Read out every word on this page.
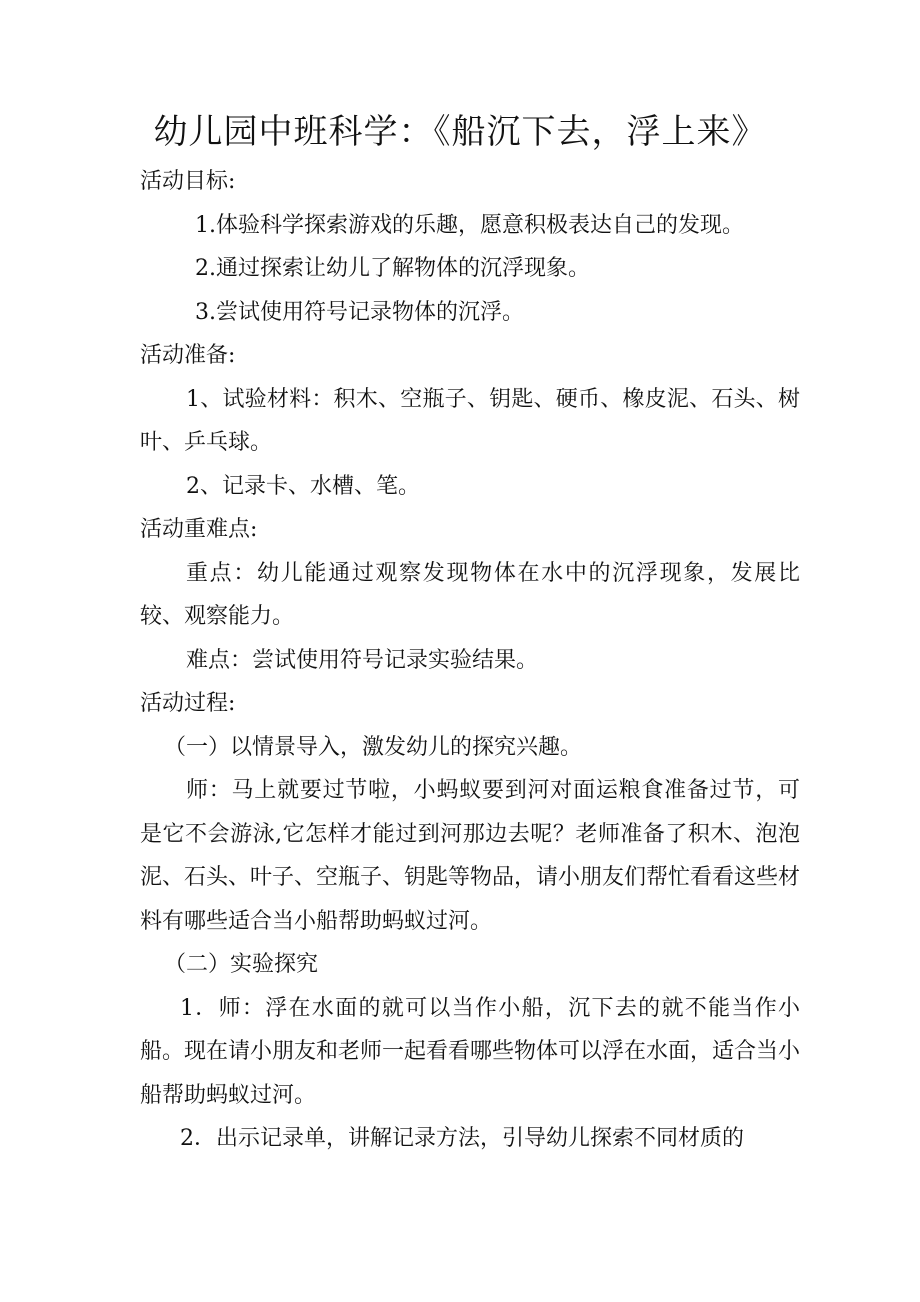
幼儿园中班科学：《船沉下去，浮上来》

活动目标:

1.体验科学探索游戏的乐趣，愿意积极表达自己的发现。

2.通过探索让幼儿了解物体的沉浮现象。

3.尝试使用符号记录物体的沉浮。

活动准备:

1、试验材料：积木、空瓶子、钥匙、硬币、橡皮泥、石头、树叶、乒乓球。

2、记录卡、水槽、笔。

活动重难点:

重点：幼儿能通过观察发现物体在水中的沉浮现象，发展比较、观察能力。

难点：尝试使用符号记录实验结果。

活动过程:

（一）以情景导入，激发幼儿的探究兴趣。

师：马上就要过节啦，小蚂蚁要到河对面运粮食准备过节，可是它不会游泳,它怎样才能过到河那边去呢？老师准备了积木、泡泡泥、石头、叶子、空瓶子、钥匙等物品，请小朋友们帮忙看看这些材料有哪些适合当小船帮助蚂蚁过河。

（二）实验探究

1．师：浮在水面的就可以当作小船，沉下去的就不能当作小船。现在请小朋友和老师一起看看哪些物体可以浮在水面，适合当小船帮助蚂蚁过河。

2．出示记录单，讲解记录方法，引导幼儿探索不同材质的
